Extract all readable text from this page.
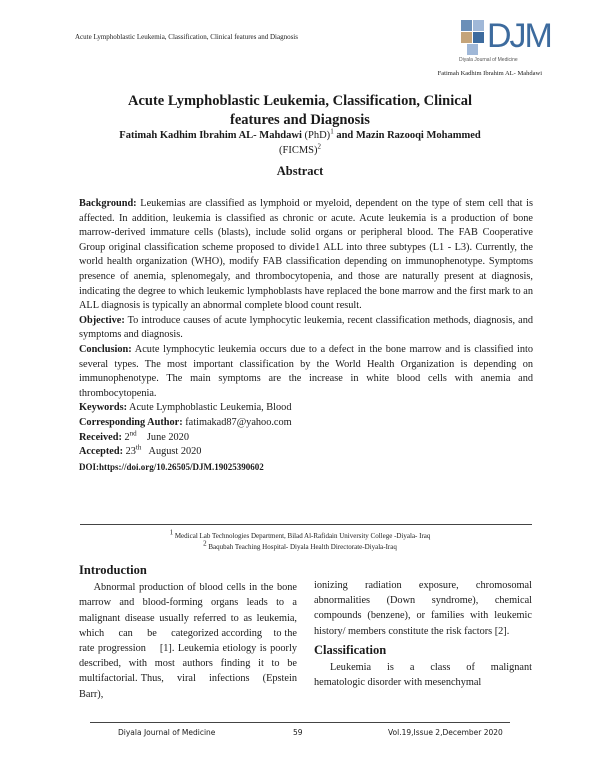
Acute Lymphoblastic Leukemia, Classification, Clinical features and Diagnosis	DJM
Diyala Journal of Medicine
Fatimah Kadhim Ibrahim AL- Mahdawi
Acute Lymphoblastic Leukemia, Classification, Clinical
features and Diagnosis
Fatimah Kadhim Ibrahim AL- Mahdawi (PhD)$^1$ and Mazin Razooqi Mohammed
(FICMS)$^2$
Abstract

Background: Leukemias are classified as lymphoid or myeloid, dependent on the type of stem cell that is affected. In addition, leukemia is classified as chronic or acute. Acute leukemia is a production of bone marrow-derived immature cells (blasts), include solid organs or peripheral blood. The FAB Cooperative Group original classification scheme proposed to divide1 ALL into three subtypes (L1 - L3). Currently, the world health organization (WHO), modify FAB classification depending on immunophenotype. Symptoms presence of anemia, splenomegaly, and thrombocytopenia, and those are naturally present at diagnosis, indicating the degree to which leukemic lymphoblasts have replaced the bone marrow and the first mark to an ALL diagnosis is typically an abnormal complete blood count result.

Objective: To introduce causes of acute lymphocytic leukemia, recent classification methods, diagnosis, and symptoms and diagnosis.

Conclusion: Acute lymphocytic leukemia occurs due to a defect in the bone marrow and is classified into several types. The most important classification by the World Health Organization is depending on immunophenotype. The main symptoms are the increase in white blood cells with anemia and thrombocytopenia.

Keywords: Acute Lymphoblastic Leukemia, Blood

Corresponding Author: fatimakad87@yahoo.com

Received: 2nd    June 2020

Accepted: 23th   August 2020

DOI:https://doi.org/10.26505/DJM.19025390602

$^1$ Medical Lab Technologies Department, Bilad Al-Rafidain University College -Diyala- Iraq
$^2$ Baqubah Teaching Hospital- Diyala Health Directorate-Diyala-Iraq
Introduction

Abnormal production of blood cells in the bone marrow and blood-forming organs leads to a malignant disease usually referred to as leukemia,     which     can     be     categorized according    to the rate progression    [1]. Leukemia etiology is poorly described, with most authors finding it to be multifactorial. Thus,    viral    infections    (Epstein    Barr),

ionizing radiation exposure, chromosomal abnormalities (Down syndrome), chemical compounds (benzene), or families with leukemic history/ members constitute the risk factors [2].

Classification

Leukemia    is    a    class    of    malignant hematologic disorder with mesenchymal

Diyala Journal of Medicine	59	Vol.19,Issue 2,December 2020
